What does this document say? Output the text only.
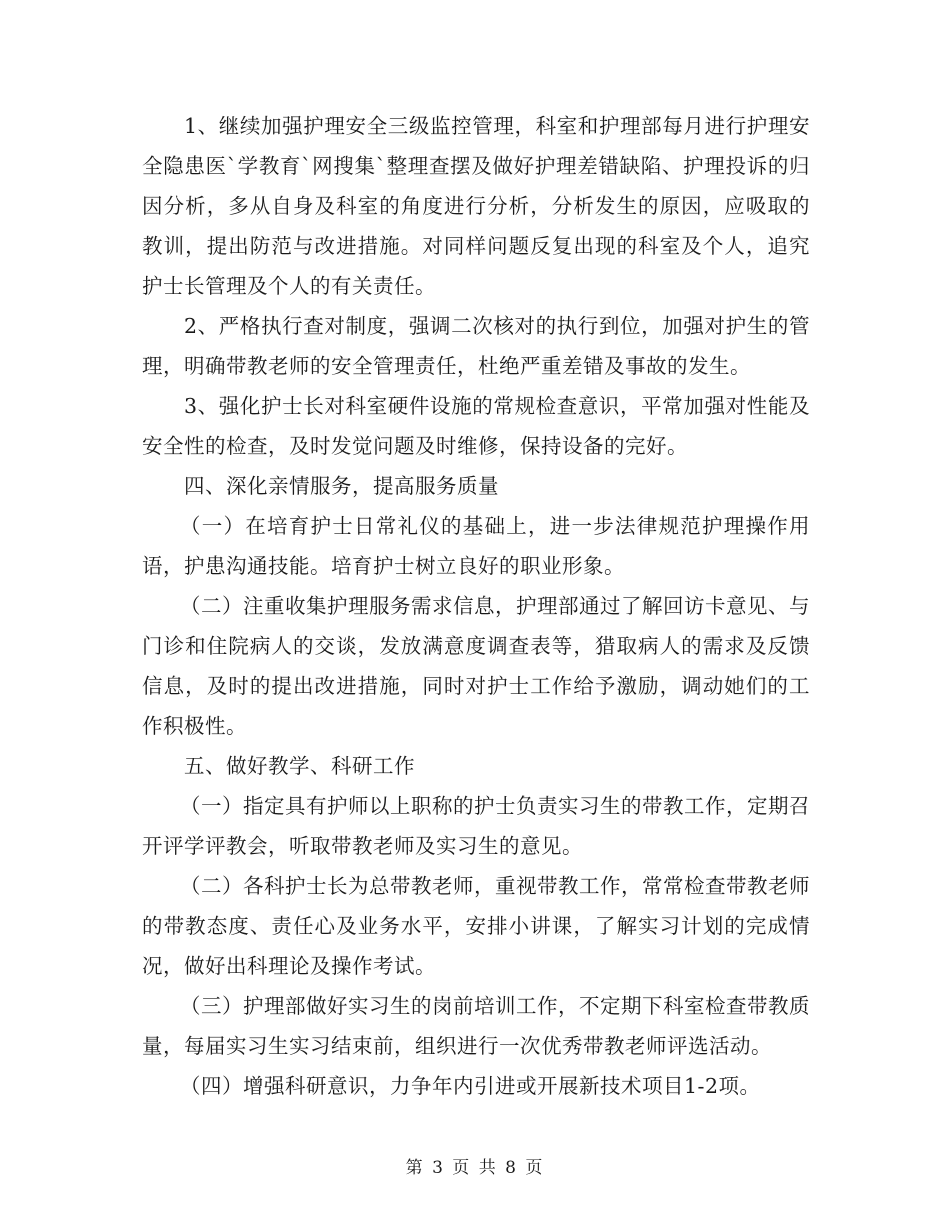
1、继续加强护理安全三级监控管理，科室和护理部每月进行护理安全隐患医`学教育`网搜集`整理查摆及做好护理差错缺陷、护理投诉的归因分析，多从自身及科室的角度进行分析，分析发生的原因，应吸取的教训，提出防范与改进措施。对同样问题反复出现的科室及个人，追究护士长管理及个人的有关责任。

2、严格执行查对制度，强调二次核对的执行到位，加强对护生的管理，明确带教老师的安全管理责任，杜绝严重差错及事故的发生。

3、强化护士长对科室硬件设施的常规检查意识，平常加强对性能及安全性的检查，及时发觉问题及时维修，保持设备的完好。

四、深化亲情服务，提高服务质量

（一）在培育护士日常礼仪的基础上，进一步法律规范护理操作用语，护患沟通技能。培育护士树立良好的职业形象。

（二）注重收集护理服务需求信息，护理部通过了解回访卡意见、与门诊和住院病人的交谈，发放满意度调查表等，猎取病人的需求及反馈信息，及时的提出改进措施，同时对护士工作给予激励，调动她们的工作积极性。

五、做好教学、科研工作

（一）指定具有护师以上职称的护士负责实习生的带教工作，定期召开评学评教会，听取带教老师及实习生的意见。

（二）各科护士长为总带教老师，重视带教工作，常常检查带教老师的带教态度、责任心及业务水平，安排小讲课，了解实习计划的完成情况，做好出科理论及操作考试。

（三）护理部做好实习生的岗前培训工作，不定期下科室检查带教质量，每届实习生实习结束前，组织进行一次优秀带教老师评选活动。

（四）增强科研意识，力争年内引进或开展新技术项目1-2项。

第 3 页 共 8 页
